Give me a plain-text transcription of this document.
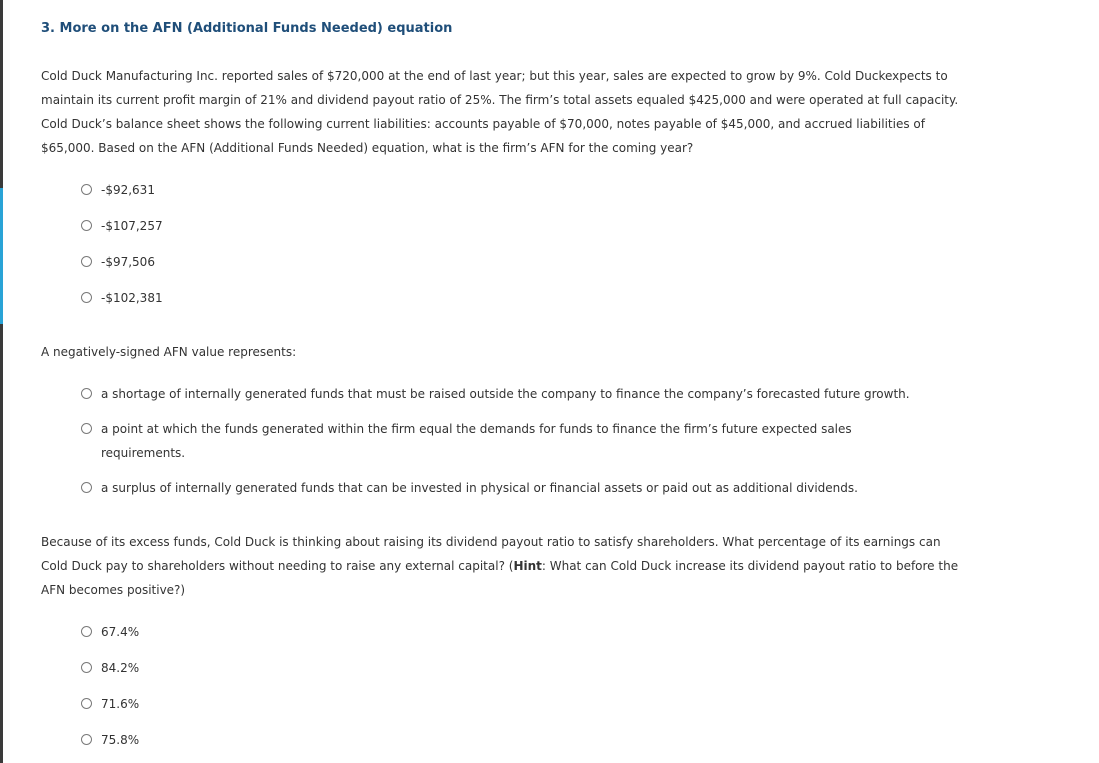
3. More on the AFN (Additional Funds Needed) equation
Cold Duck Manufacturing Inc. reported sales of $720,000 at the end of last year; but this year, sales are expected to grow by 9%. Cold Duckexpects to maintain its current profit margin of 21% and dividend payout ratio of 25%. The firm’s total assets equaled $425,000 and were operated at full capacity. Cold Duck’s balance sheet shows the following current liabilities: accounts payable of $70,000, notes payable of $45,000, and accrued liabilities of $65,000. Based on the AFN (Additional Funds Needed) equation, what is the firm’s AFN for the coming year?
-$92,631
-$107,257
-$97,506
-$102,381
A negatively-signed AFN value represents:
a shortage of internally generated funds that must be raised outside the company to finance the company’s forecasted future growth.
a point at which the funds generated within the firm equal the demands for funds to finance the firm’s future expected sales requirements.
a surplus of internally generated funds that can be invested in physical or financial assets or paid out as additional dividends.
Because of its excess funds, Cold Duck is thinking about raising its dividend payout ratio to satisfy shareholders. What percentage of its earnings can Cold Duck pay to shareholders without needing to raise any external capital? (Hint: What can Cold Duck increase its dividend payout ratio to before the AFN becomes positive?)
67.4%
84.2%
71.6%
75.8%
